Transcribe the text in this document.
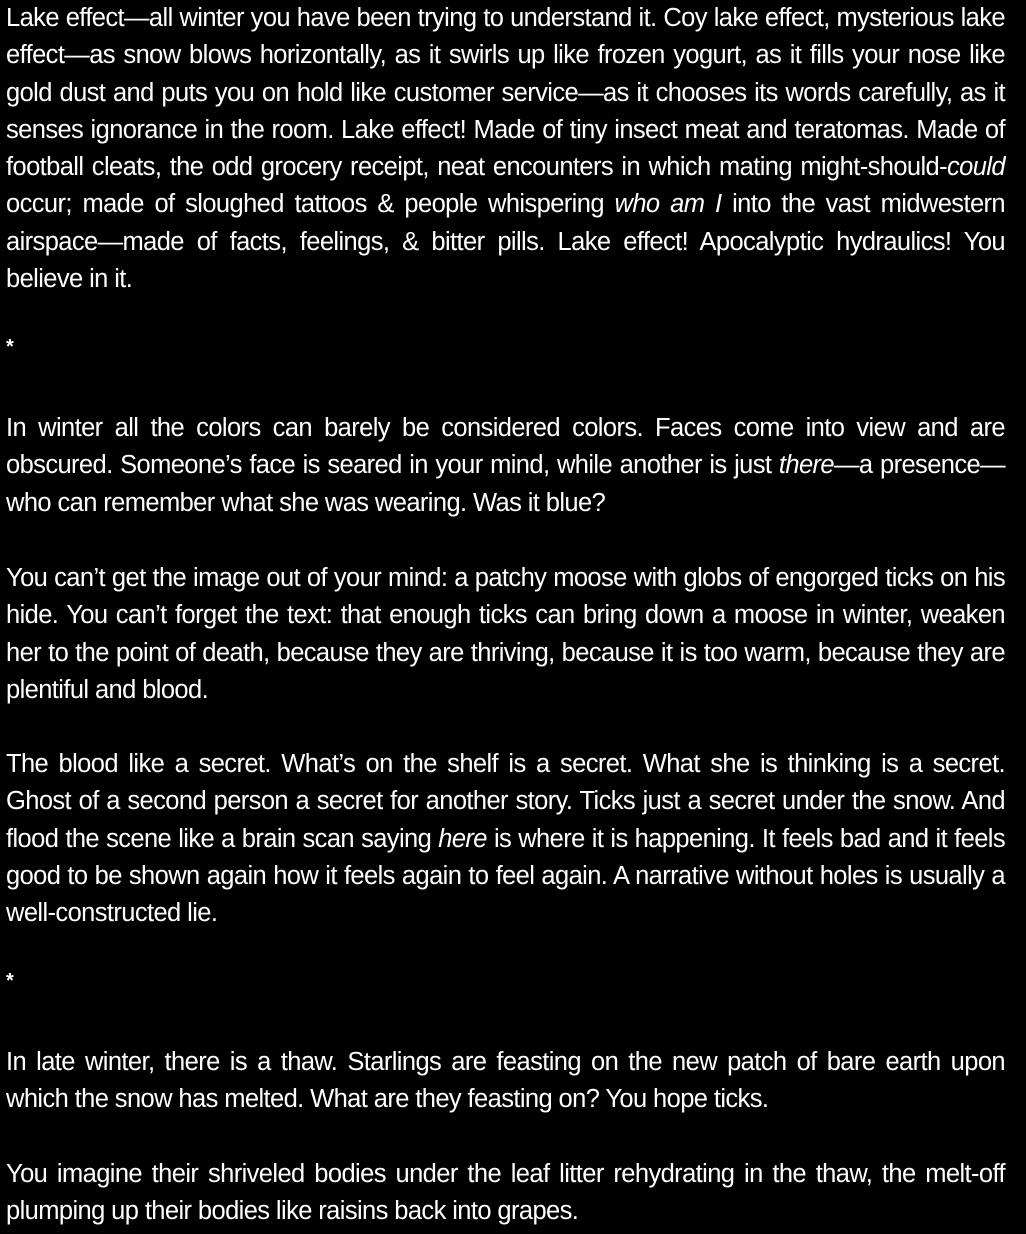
Lake effect—all winter you have been trying to understand it. Coy lake effect, mysterious lake effect—as snow blows horizontally, as it swirls up like frozen yogurt, as it fills your nose like gold dust and puts you on hold like customer service—as it chooses its words carefully, as it senses ignorance in the room. Lake effect! Made of tiny insect meat and teratomas. Made of football cleats, the odd grocery receipt, neat encounters in which mating might-should-could occur; made of sloughed tattoos & people whispering who am I into the vast midwestern airspace—made of facts, feelings, & bitter pills. Lake effect! Apocalyptic hydraulics! You believe in it.

*

In winter all the colors can barely be considered colors. Faces come into view and are obscured. Someone’s face is seared in your mind, while another is just there—a presence—who can remember what she was wearing. Was it blue?

You can’t get the image out of your mind: a patchy moose with globs of engorged ticks on his hide. You can’t forget the text: that enough ticks can bring down a moose in winter, weaken her to the point of death, because they are thriving, because it is too warm, because they are plentiful and blood.

The blood like a secret. What’s on the shelf is a secret. What she is thinking is a secret. Ghost of a second person a secret for another story. Ticks just a secret under the snow. And flood the scene like a brain scan saying here is where it is happening. It feels bad and it feels good to be shown again how it feels again to feel again. A narrative without holes is usually a well-constructed lie.

*

In late winter, there is a thaw. Starlings are feasting on the new patch of bare earth upon which the snow has melted. What are they feasting on? You hope ticks.

You imagine their shriveled bodies under the leaf litter rehydrating in the thaw, the melt-off plumping up their bodies like raisins back into grapes.
